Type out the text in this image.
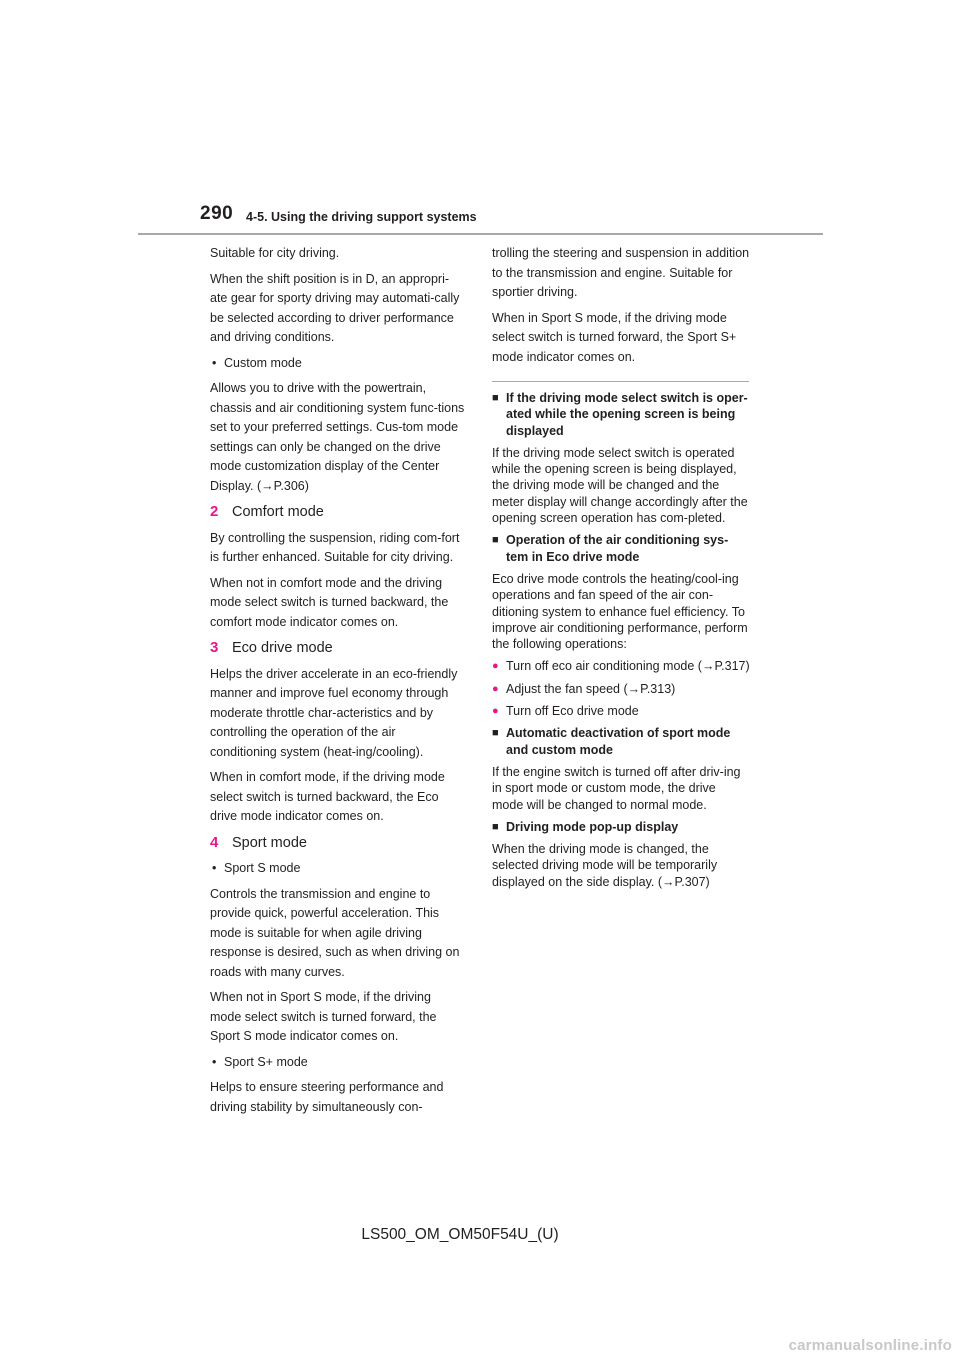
290 4-5. Using the driving support systems

Suitable for city driving.

When the shift position is in D, an appropri-ate gear for sporty driving may automati-cally be selected according to driver performance and driving conditions.

• Custom mode

Allows you to drive with the powertrain, chassis and air conditioning system func-tions set to your preferred settings. Cus-tom mode settings can only be changed on the drive mode customization display of the Center Display. (→P.306)

2 Comfort mode

By controlling the suspension, riding com-fort is further enhanced. Suitable for city driving.

When not in comfort mode and the driving mode select switch is turned backward, the comfort mode indicator comes on.

3 Eco drive mode

Helps the driver accelerate in an eco-friendly manner and improve fuel economy through moderate throttle char-acteristics and by controlling the operation of the air conditioning system (heat-ing/cooling).

When in comfort mode, if the driving mode select switch is turned backward, the Eco drive mode indicator comes on.

4 Sport mode
• Sport S mode

Controls the transmission and engine to provide quick, powerful acceleration. This mode is suitable for when agile driving response is desired, such as when driving on roads with many curves.

When not in Sport S mode, if the driving mode select switch is turned forward, the Sport S mode indicator comes on.

• Sport S+ mode

Helps to ensure steering performance and driving stability by simultaneously con-

trolling the steering and suspension in addition to the transmission and engine. Suitable for sportier driving.

When in Sport S mode, if the driving mode select switch is turned forward, the Sport S+ mode indicator comes on.

■ If the driving mode select switch is oper-ated while the opening screen is being displayed

If the driving mode select switch is operated while the opening screen is being displayed, the driving mode will be changed and the meter display will change accordingly after the opening screen operation has com-pleted.

■ Operation of the air conditioning sys-tem in Eco drive mode

Eco drive mode controls the heating/cool-ing operations and fan speed of the air con-ditioning system to enhance fuel efficiency. To improve air conditioning performance, perform the following operations:

● Turn off eco air conditioning mode (→P.317)
● Adjust the fan speed (→P.313)
● Turn off Eco drive mode
■ Automatic deactivation of sport mode and custom mode

If the engine switch is turned off after driv-ing in sport mode or custom mode, the drive mode will be changed to normal mode.

■ Driving mode pop-up display

When the driving mode is changed, the selected driving mode will be temporarily displayed on the side display. (→P.307)

LS500_OM_OM50F54U_(U)
carmanualsonline.info
